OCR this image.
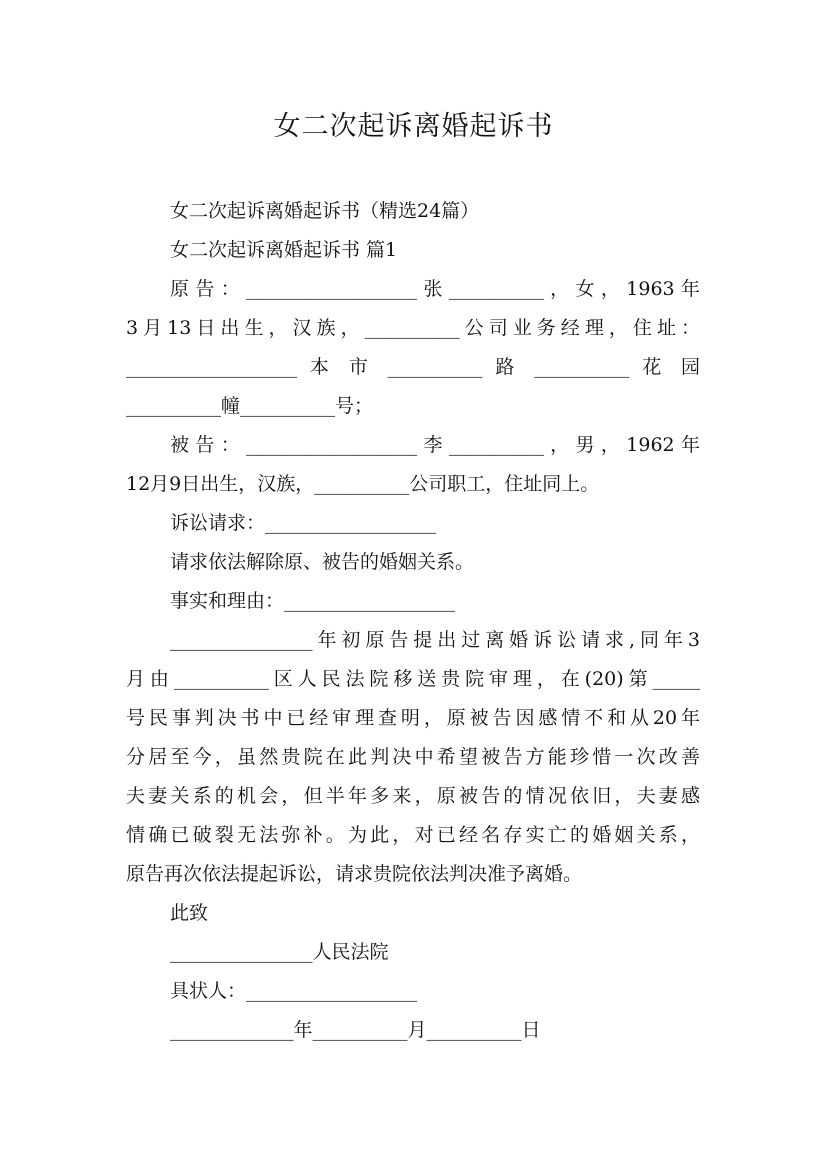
女二次起诉离婚起诉书
女二次起诉离婚起诉书（精选24篇）
女二次起诉离婚起诉书 篇1
原告：__________________张__________，女，1963年
3月13日出生，汉族，__________公司业务经理，住址：
__________________ 本 市 __________ 路 __________ 花 园
__________幢__________号；
被告：__________________李__________，男，1962年
12月9日出生，汉族，__________公司职工，住址同上。
诉讼请求：__________________
请求依法解除原、被告的婚姻关系。
事实和理由：__________________
_______________年初原告提出过离婚诉讼请求,同年3
月由__________区人民法院移送贵院审理，在(20)第_____
号民事判决书中已经审理查明，原被告因感情不和从20年
分居至今，虽然贵院在此判决中希望被告方能珍惜一次改善
夫妻关系的机会，但半年多来，原被告的情况依旧，夫妻感
情确已破裂无法弥补。为此，对已经名存实亡的婚姻关系，
原告再次依法提起诉讼，请求贵院依法判决准予离婚。
此致
_______________人民法院
具状人：__________________
_____________年__________月__________日
